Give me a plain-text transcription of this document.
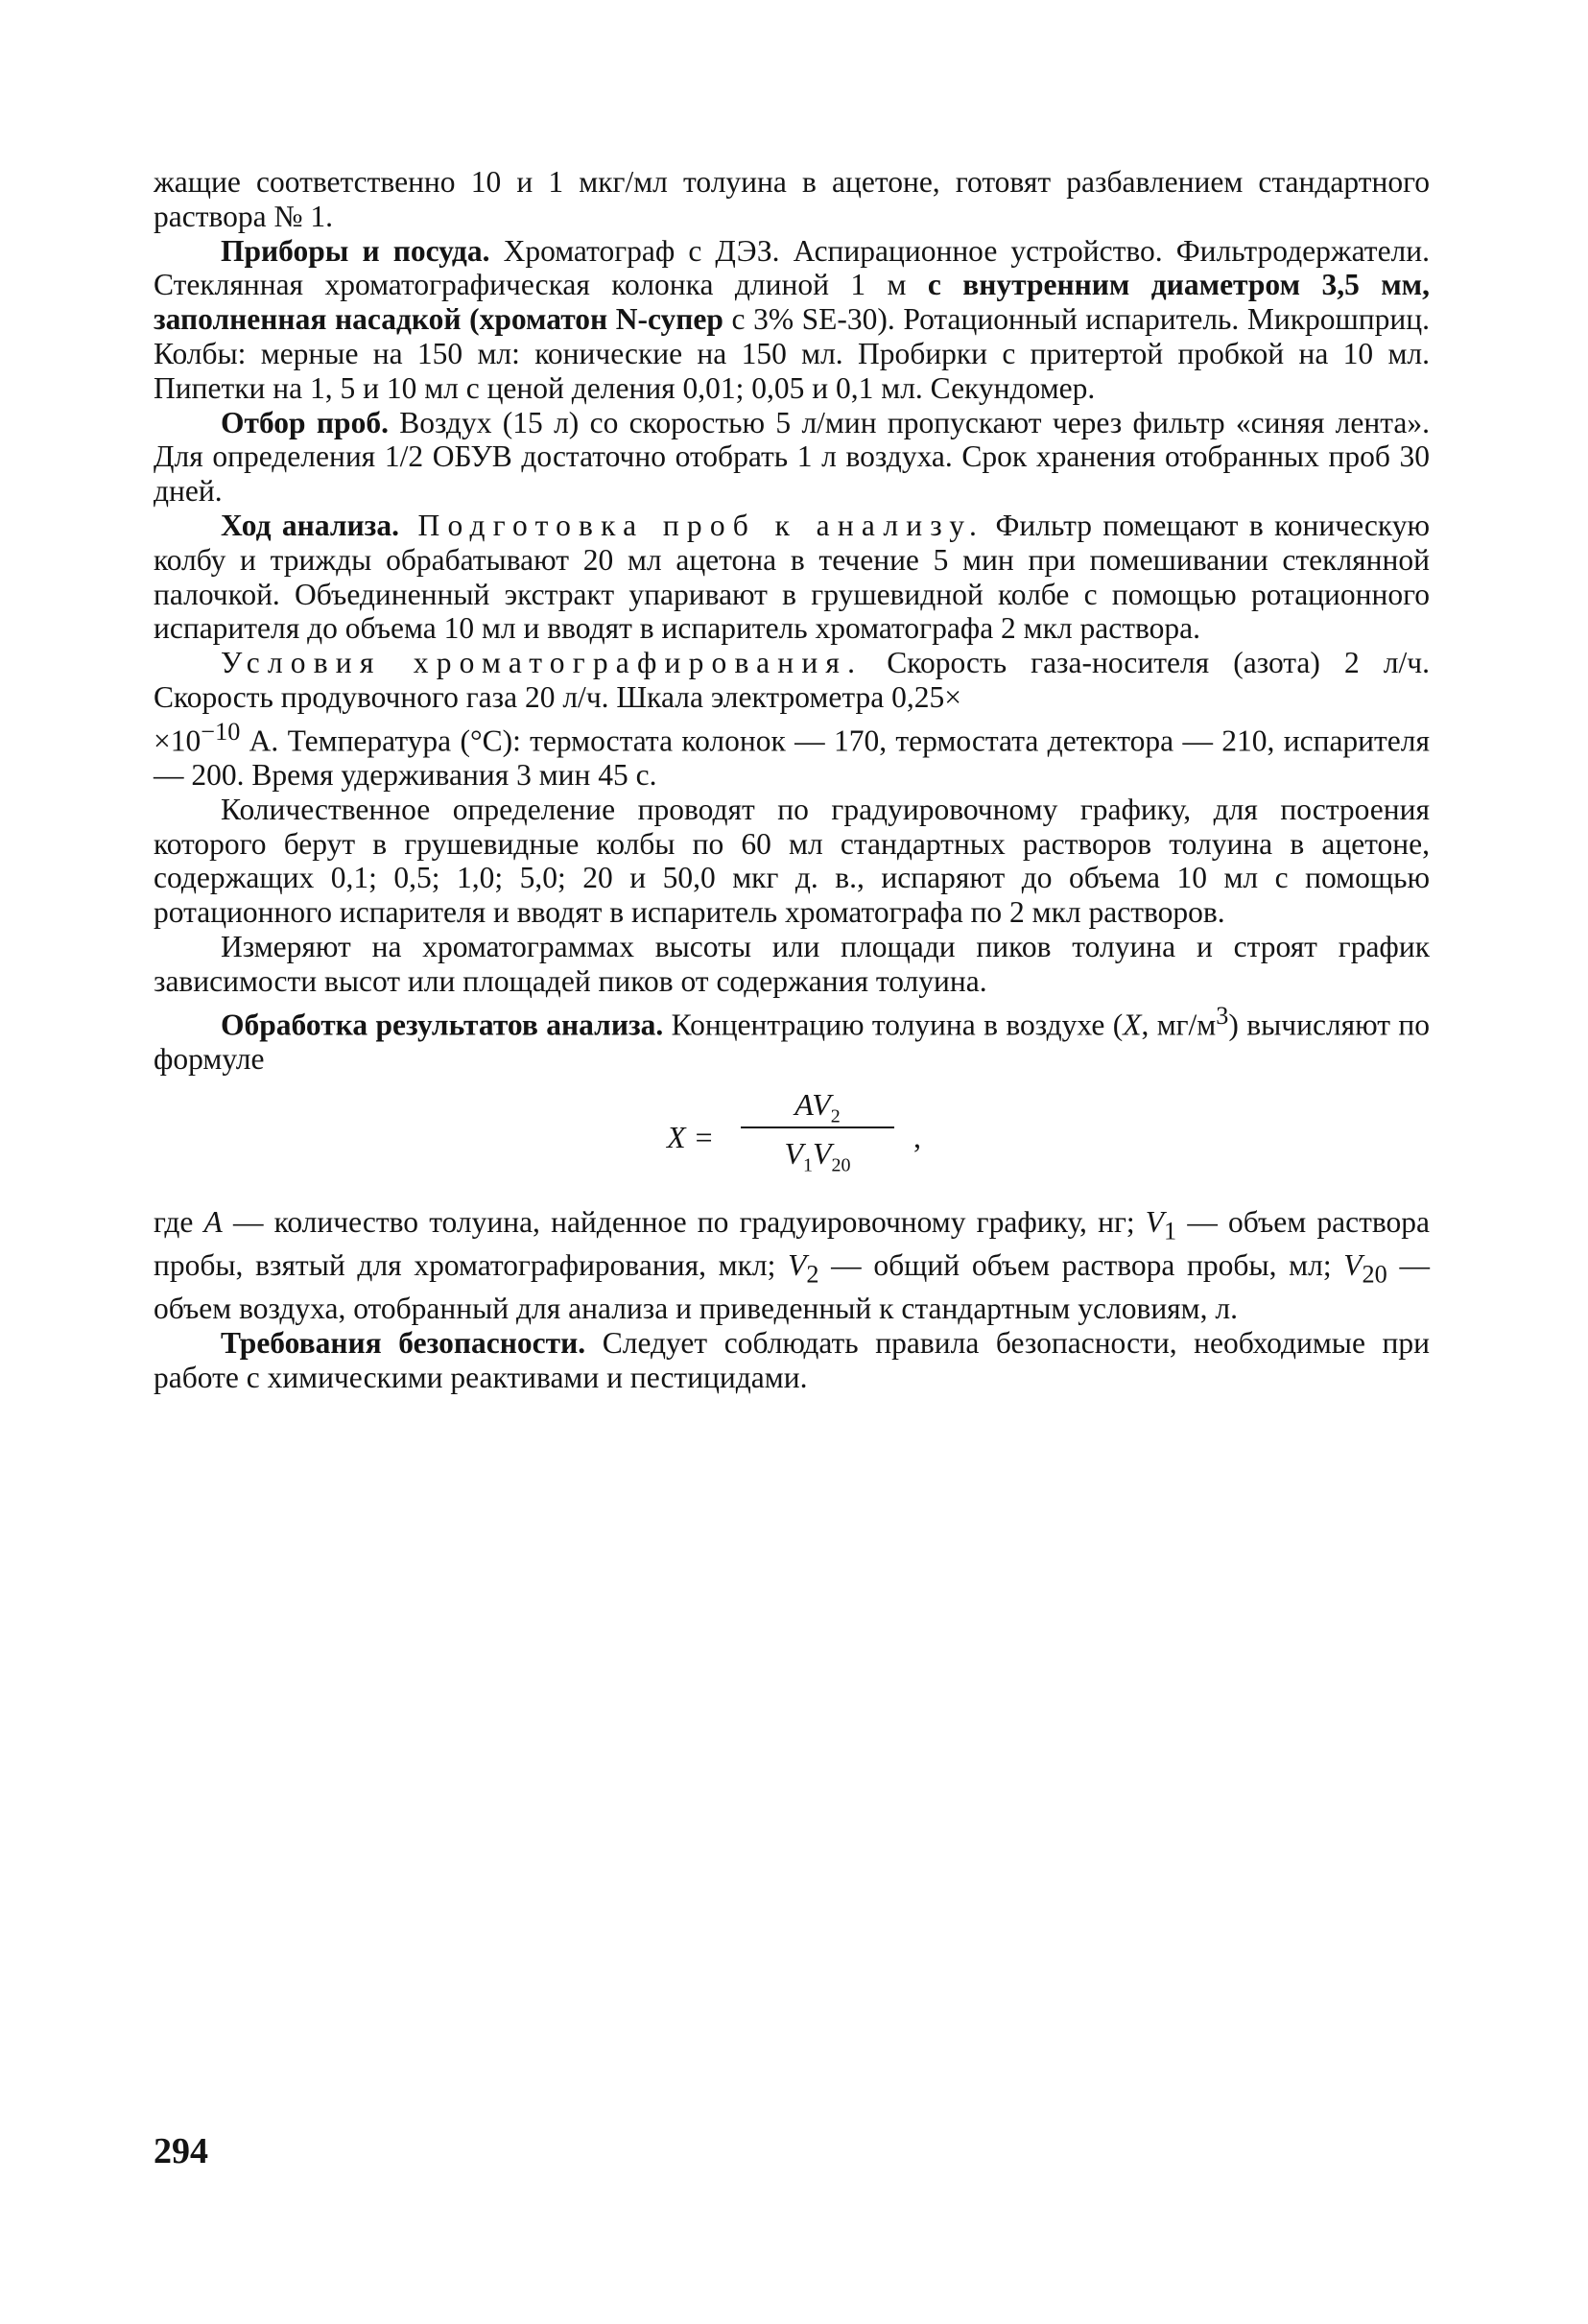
жащие соответственно 10 и 1 мкг/мл толуина в ацетоне, готовят разбавлением стандартного раствора № 1.

Приборы и посуда. Хроматограф с ДЭЗ. Аспирационное устройство. Фильтродержатели. Стеклянная хроматографическая колонка длиной 1 м с внутренним диаметром 3,5 мм, заполненная насадкой (хроматон N-супер с 3% SE-30). Ротационный испаритель. Микрошприц. Колбы: мерные на 150 мл: конические на 150 мл. Пробирки с притертой пробкой на 10 мл. Пипетки на 1, 5 и 10 мл с ценой деления 0,01; 0,05 и 0,1 мл. Секундомер.

Отбор проб. Воздух (15 л) со скоростью 5 л/мин пропускают через фильтр «синяя лента». Для определения 1/2 ОБУВ достаточно отобрать 1 л воздуха. Срок хранения отобранных проб 30 дней.

Ход анализа. Подготовка проб к анализу. Фильтр помещают в коническую колбу и трижды обрабатывают 20 мл ацетона в течение 5 мин при помешивании стеклянной палочкой. Объединенный экстракт упаривают в грушевидной колбе с помощью ротационного испарителя до объема 10 мл и вводят в испаритель хроматографа 2 мкл раствора.

Условия хроматографирования. Скорость газа-носителя (азота) 2 л/ч. Скорость продувочного газа 20 л/ч. Шкала электрометра 0,25×
$\times 10^{-10}$ А. Температура (°С): термостата колонок — 170, термостата детектора — 210, испарителя — 200. Время удерживания 3 мин 45 с.

Количественное определение проводят по градуировочному графику, для построения которого берут в грушевидные колбы по 60 мл стандартных растворов толуина в ацетоне, содержащих 0,1; 0,5; 1,0; 5,0; 20 и 50,0 мкг д. в., испаряют до объема 10 мл с помощью ротационного испарителя и вводят в испаритель хроматографа по 2 мкл растворов.

Измеряют на хроматограммах высоты или площади пиков толуина и строят график зависимости высот или площадей пиков от содержания толуина.

Обработка результатов анализа. Концентрацию толуина в воздухе (X, $мг/м^3$) вычисляют по формуле

X =
$AV_2$
$V_1V_{20}$
,

где A — количество толуина, найденное по градуировочному графику, нг; $V_1$ — объем раствора пробы, взятый для хроматографирования, мкл; $V_2$ — общий объем раствора пробы, мл; $V_{20}$ — объем воздуха, отобранный для анализа и приведенный к стандартным условиям, л.

Требования безопасности. Следует соблюдать правила безопасности, необходимые при работе с химическими реактивами и пестицидами.

294
